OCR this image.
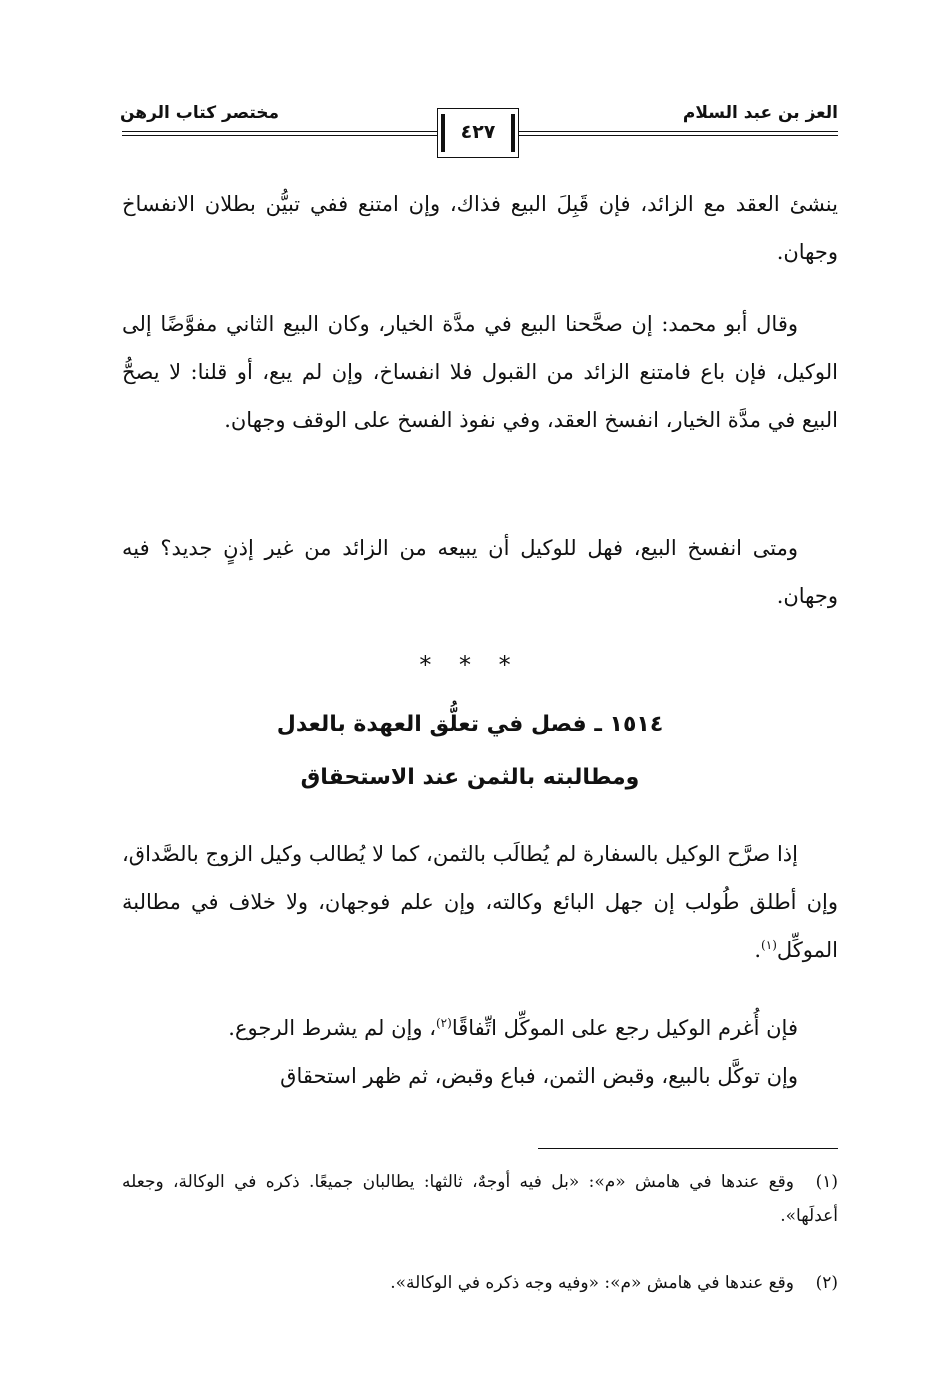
العز بن عبد السلام
مختصر كتاب الرهن
٤٢٧
ينشئ العقد مع الزائد، فإن قَبِلَ البيع فذاك، وإن امتنع ففي تبيُّن بطلان الانفساخ وجهان.
وقال أبو محمد: إن صحَّحنا البيع في مدَّة الخيار، وكان البيع الثاني مفوَّضًا إلى الوكيل، فإن باع فامتنع الزائد من القبول فلا انفساخ، وإن لم يبع، أو قلنا: لا يصحُّ البيع في مدَّة الخيار، انفسخ العقد، وفي نفوذ الفسخ على الوقف وجهان.
ومتى انفسخ البيع، فهل للوكيل أن يبيعه من الزائد من غير إذنٍ جديد؟ فيه وجهان.
* * *
١٥١٤ ـ فصل في تعلُّق العهدة بالعدل
ومطالبته بالثمن عند الاستحقاق
إذا صرَّح الوكيل بالسفارة لم يُطالَب بالثمن، كما لا يُطالب وكيل الزوج بالصَّداق، وإن أطلق طُولب إن جهل البائع وكالته، وإن علم فوجهان، ولا خلاف في مطالبة الموكِّل$^{(١)}$.
فإن أُغرم الوكيل رجع على الموكِّل اتِّفاقًا$^{(٢)}$، وإن لم يشرط الرجوع.
وإن توكَّل بالبيع، وقبض الثمن، فباع وقبض، ثم ظهر استحقاق
(١)وقع عندها في هامش «م»: «بل فيه أوجهٌ، ثالثها: يطالبان جميعًا. ذكره في الوكالة، وجعله أعدلَها».
(٢)وقع عندها في هامش «م»: «وفيه وجه ذكره في الوكالة».
